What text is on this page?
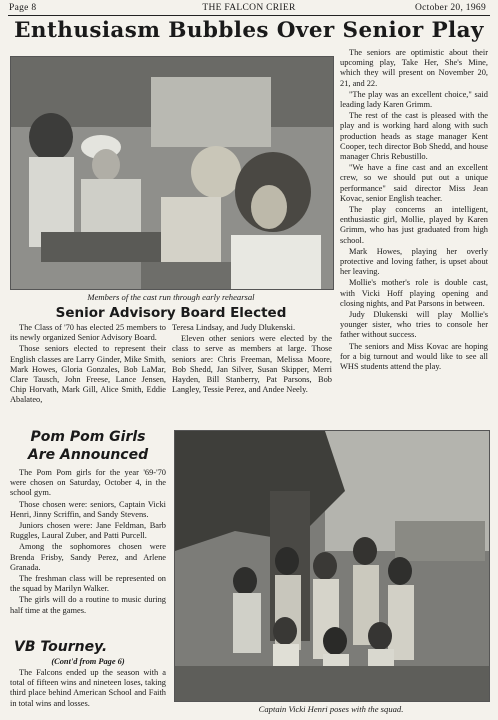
Page 8	THE FALCON CRIER	October 20, 1969
Enthusiasm Bubbles Over Senior Play
Members of the cast run through early rehearsal

The seniors are optimistic about their upcoming play, Take Her, She's Mine, which they will present on November 20, 21, and 22.

"The play was an excellent choice," said leading lady Karen Grimm.

The rest of the cast is pleased with the play and is working hard along with such production heads as stage manager Kent Cooper, tech director Bob Shedd, and house manager Chris Rebustillo.

"We have a fine cast and an excellent crew, so we should put out a unique performance" said director Miss Jean Kovac, senior English teacher.

The play concerns an intelligent, enthusiastic girl, Mollie, played by Karen Grimm, who has just graduated from high school.

Mark Howes, playing her overly protective and loving father, is upset about her leaving.

Mollie's mother's role is double cast, with Vicki Hoff playing opening and closing nights, and Pat Parsons in between.

Judy Dlukenski will play Mollie's younger sister, who tries to console her father without success.

The seniors and Miss Kovac are hoping for a big turnout and would like to see all WHS students attend the play.

Senior Advisory Board Elected

The Class of '70 has elected 25 members to its newly organized Senior Advisory Board.

Those seniors elected to represent their English classes are Larry Ginder, Mike Smith, Mark Howes, Gloria Gonzales, Bob LaMar, Clare Tausch, John Freese, Lance Jensen, Chip Horvath, Mark Gill, Alice Smith, Eddie Abalateo,

Teresa Lindsay, and Judy Dlukenski.

Eleven other seniors were elected by the class to serve as members at large. Those seniors are: Chris Freeman, Melissa Moore, Bob Shedd, Jan Silver, Susan Skipper, Merri Hayden, Bill Stanberry, Pat Parsons, Bob Langley, Tessie Perez, and Andee Neely.

Pom Pom Girls
Are Announced

The Pom Pom girls for the year '69-'70 were chosen on Saturday, October 4, in the school gym.

Those chosen were: seniors, Captain Vicki Henri, Jinny Scriffin, and Sandy Stevens.

Juniors chosen were: Jane Feldman, Barb Ruggles, Laural Zuber, and Patti Purcell.

Among the sophomores chosen were Brenda Frisby, Sandy Perez, and Arlene Granada.

The freshman class will be represented on the squad by Marilyn Walker.

The girls will do a routine to music during half time at the games.

VB Tourney.
(Cont'd from Page 6)

The Falcons ended up the season with a total of fifteen wins and nineteen loses, taking third place behind American School and Faith in total wins and losses.

Captain Vicki Henri poses with the squad.
